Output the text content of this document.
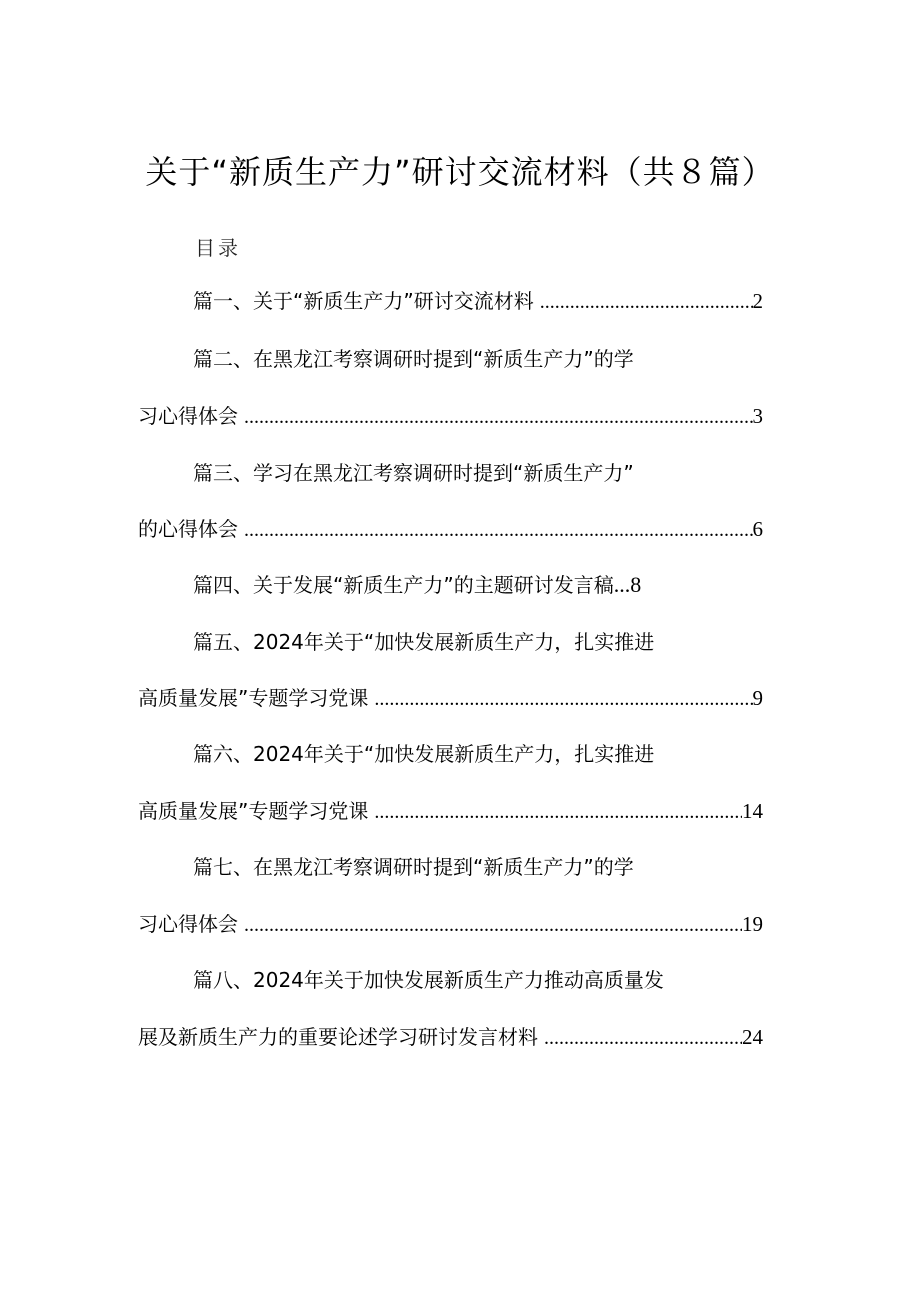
关于“新质生产力”研讨交流材料（共８篇）
目录
篇一、关于“新质生产力”研讨交流材料 .....	2
篇二、在黑龙江考察调研时提到“新质生产力”的学
习心得体会 .....	3
篇三、学习在黑龙江考察调研时提到“新质生产力”
的心得体会 .....	6
篇四、关于发展“新质生产力”的主题研讨发言稿...8
篇五、2024年关于“加快发展新质生产力，扎实推进
高质量发展”专题学习党课 .....	9
篇六、2024年关于“加快发展新质生产力，扎实推进
高质量发展”专题学习党课 .....	14
篇七、在黑龙江考察调研时提到“新质生产力”的学
习心得体会 .....	19
篇八、2024年关于加快发展新质生产力推动高质量发
展及新质生产力的重要论述学习研讨发言材料 .....	24
